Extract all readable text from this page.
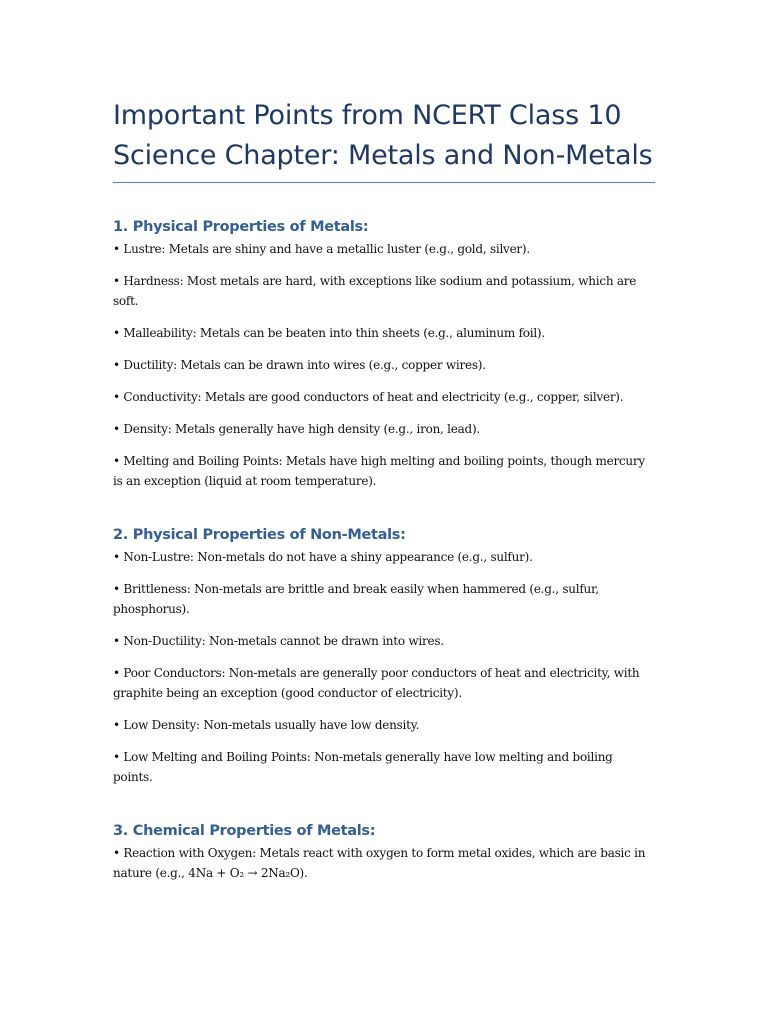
Important Points from NCERT Class 10 Science Chapter: Metals and Non-Metals
1. Physical Properties of Metals:
• Lustre: Metals are shiny and have a metallic luster (e.g., gold, silver).
• Hardness: Most metals are hard, with exceptions like sodium and potassium, which are soft.
• Malleability: Metals can be beaten into thin sheets (e.g., aluminum foil).
• Ductility: Metals can be drawn into wires (e.g., copper wires).
• Conductivity: Metals are good conductors of heat and electricity (e.g., copper, silver).
• Density: Metals generally have high density (e.g., iron, lead).
• Melting and Boiling Points: Metals have high melting and boiling points, though mercury is an exception (liquid at room temperature).
2. Physical Properties of Non-Metals:
• Non-Lustre: Non-metals do not have a shiny appearance (e.g., sulfur).
• Brittleness: Non-metals are brittle and break easily when hammered (e.g., sulfur, phosphorus).
• Non-Ductility: Non-metals cannot be drawn into wires.
• Poor Conductors: Non-metals are generally poor conductors of heat and electricity, with graphite being an exception (good conductor of electricity).
• Low Density: Non-metals usually have low density.
• Low Melting and Boiling Points: Non-metals generally have low melting and boiling points.
3. Chemical Properties of Metals:
• Reaction with Oxygen: Metals react with oxygen to form metal oxides, which are basic in nature (e.g., 4Na + O₂ → 2Na₂O).
